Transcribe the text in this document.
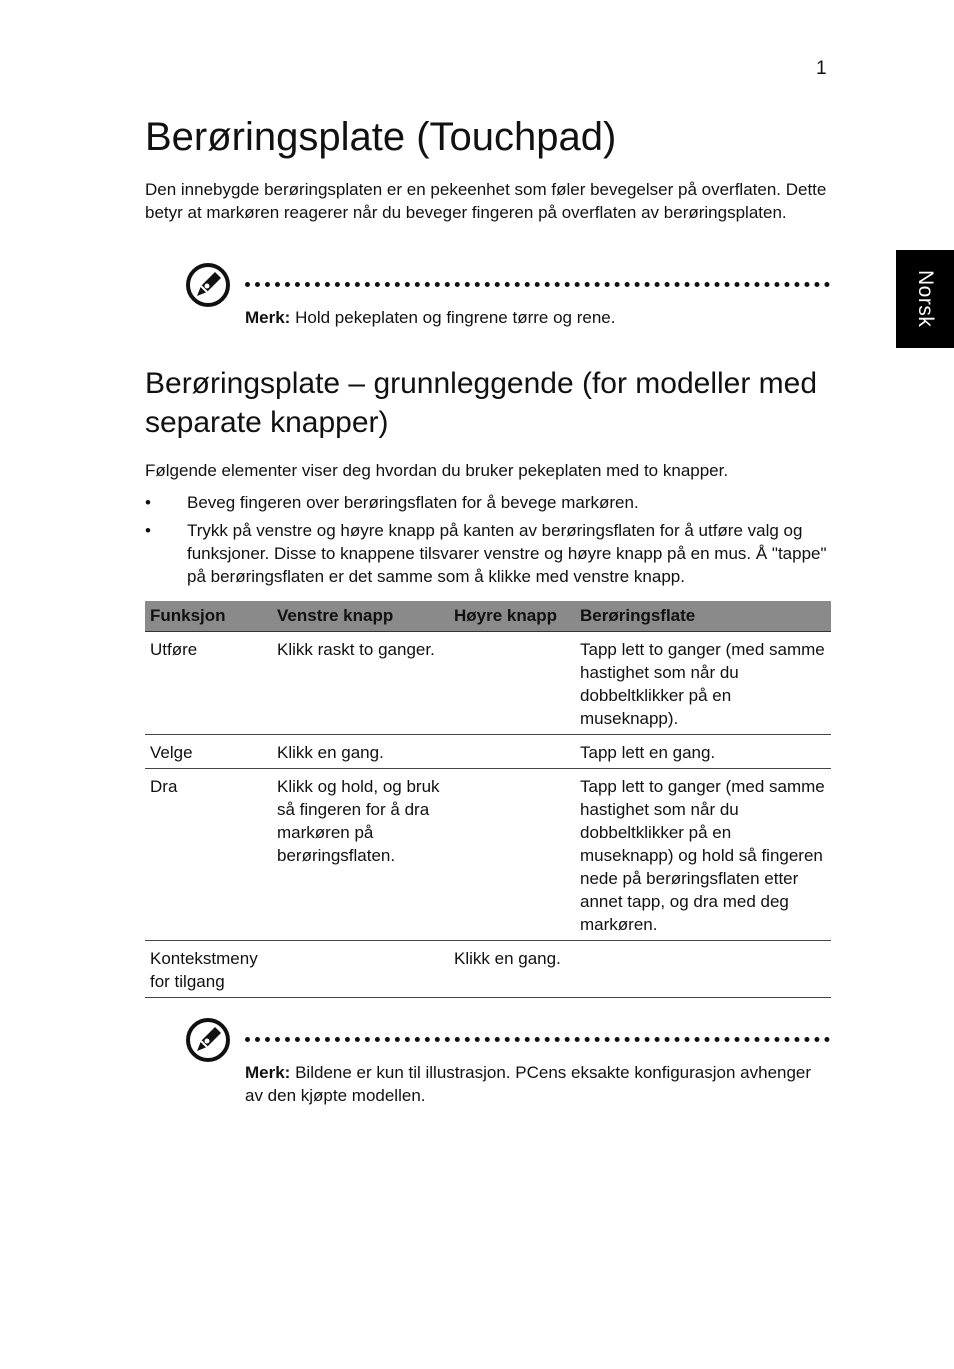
1
Norsk
Berøringsplate (Touchpad)

Den innebygde berøringsplaten er en pekeenhet som føler bevegelser på overflaten. Dette betyr at markøren reagerer når du beveger fingeren på overflaten av berøringsplaten.

Merk: Hold pekeplaten og fingrene tørre og rene.
Berøringsplate – grunnleggende (for modeller med separate knapper)

Følgende elementer viser deg hvordan du bruker pekeplaten med to knapper.

• Beveg fingeren over berøringsflaten for å bevege markøren.
• Trykk på venstre og høyre knapp på kanten av berøringsflaten for å utføre valg og funksjoner. Disse to knappene tilsvarer venstre og høyre knapp på en mus. Å "tappe" på berøringsflaten er det samme som å klikke med venstre knapp.
Funksjon	Venstre knapp	Høyre knapp	Berøringsflate
Utføre	Klikk raskt to ganger.		Tapp lett to ganger (med samme hastighet som når du dobbeltklikker på en museknapp).
Velge	Klikk en gang.		Tapp lett en gang.
Dra	Klikk og hold, og bruk så fingeren for å dra markøren på berøringsflaten.		Tapp lett to ganger (med samme hastighet som når du dobbeltklikker på en museknapp) og hold så fingeren nede på berøringsflaten etter annet tapp, og dra med deg markøren.
Kontekstmeny for tilgang		Klikk en gang.	
Merk: Bildene er kun til illustrasjon. PCens eksakte konfigurasjon avhenger av den kjøpte modellen.
